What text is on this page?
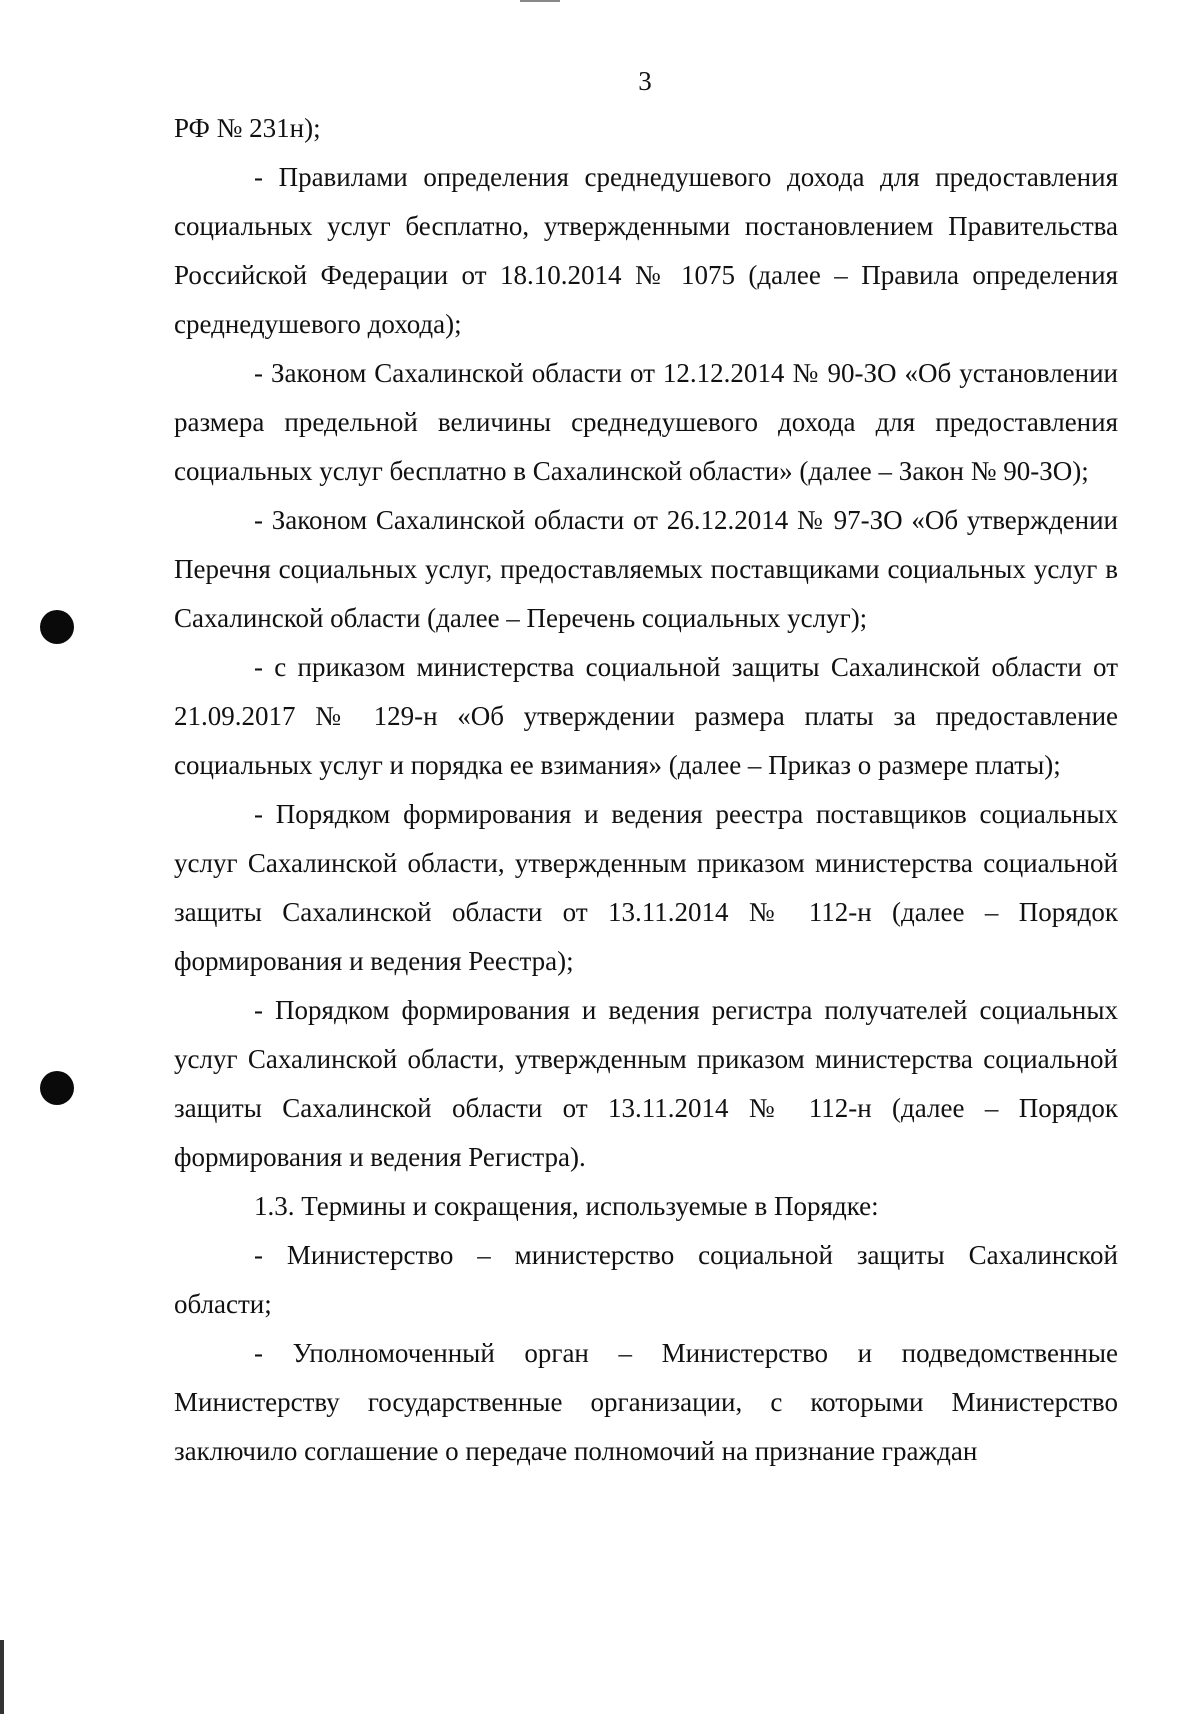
3

РФ № 231н);

- Правилами определения среднедушевого дохода для предоставления социальных услуг бесплатно, утвержденными постановлением Правительства Российской Федерации от 18.10.2014 № 1075 (далее – Правила определения среднедушевого дохода);

- Законом Сахалинской области от 12.12.2014 № 90-ЗО «Об установлении размера предельной величины среднедушевого дохода для предоставления социальных услуг бесплатно в Сахалинской области» (далее – Закон № 90-ЗО);

- Законом Сахалинской области от 26.12.2014 № 97-ЗО «Об утверждении Перечня социальных услуг, предоставляемых поставщиками социальных услуг в Сахалинской области (далее – Перечень социальных услуг);

- с приказом министерства социальной защиты Сахалинской области от 21.09.2017 № 129-н «Об утверждении размера платы за предоставление социальных услуг и порядка ее взимания» (далее – Приказ о размере платы);

- Порядком формирования и ведения реестра поставщиков социальных услуг Сахалинской области, утвержденным приказом министерства социальной защиты Сахалинской области от 13.11.2014 № 112-н (далее – Порядок формирования и ведения Реестра);

- Порядком формирования и ведения регистра получателей социальных услуг Сахалинской области, утвержденным приказом министерства социальной защиты Сахалинской области от 13.11.2014 № 112-н (далее – Порядок формирования и ведения Регистра).

1.3. Термины и сокращения, используемые в Порядке:

- Министерство – министерство социальной защиты Сахалинской области;

- Уполномоченный орган – Министерство и подведомственные Министерству государственные организации, с которыми Министерство заключило соглашение о передаче полномочий на признание граждан
